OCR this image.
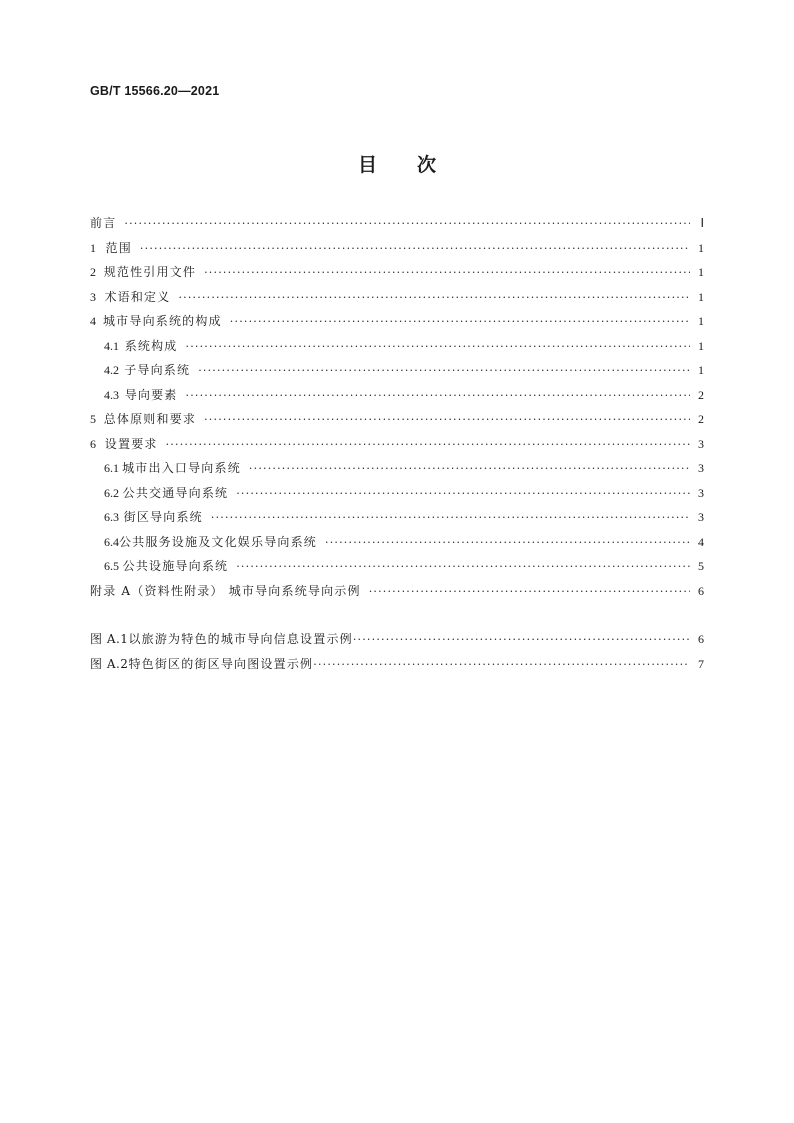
GB/T 15566.20—2021
目次
前言 ·····	Ⅰ
1 范围 ·····	1
2 规范性引用文件 ·····	1
3 术语和定义 ·····	1
4 城市导向系统的构成 ·····	1
4.1 系统构成 ·····	1
4.2 子导向系统 ·····	1
4.3 导向要素 ·····	2
5 总体原则和要求 ·····	2
6 设置要求 ·····	3
6.1 城市出入口导向系统 ·····	3
6.2 公共交通导向系统 ·····	3
6.3 街区导向系统 ·····	3
6.4 公共服务设施及文化娱乐导向系统 ·····	4
6.5 公共设施导向系统 ·····	5
附录 A（资料性附录） 城市导向系统导向示例 ·····	6
图 A.1 以旅游为特色的城市导向信息设置示例 ·····	6
图 A.2 特色街区的街区导向图设置示例 ·····	7
